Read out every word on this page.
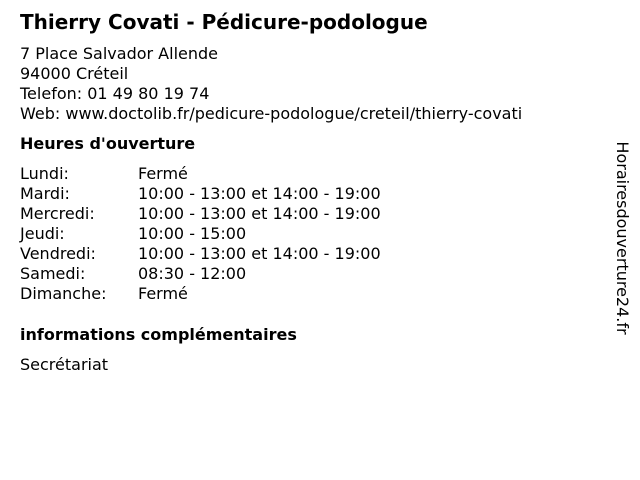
Thierry Covati - Pédicure-podologue
7 Place Salvador Allende
94000 Créteil
Telefon: 01 49 80 19 74
Web: www.doctolib.fr/pedicure-podologue/creteil/thierry-covati
Heures d'ouverture
Lundi:	Fermé
Mardi:	10:00 - 13:00 et 14:00 - 19:00
Mercredi:	10:00 - 13:00 et 14:00 - 19:00
Jeudi:	10:00 - 15:00
Vendredi:	10:00 - 13:00 et 14:00 - 19:00
Samedi:	08:30 - 12:00
Dimanche:	Fermé
informations complémentaires
Secrétariat
Horairesdouverture24.fr
